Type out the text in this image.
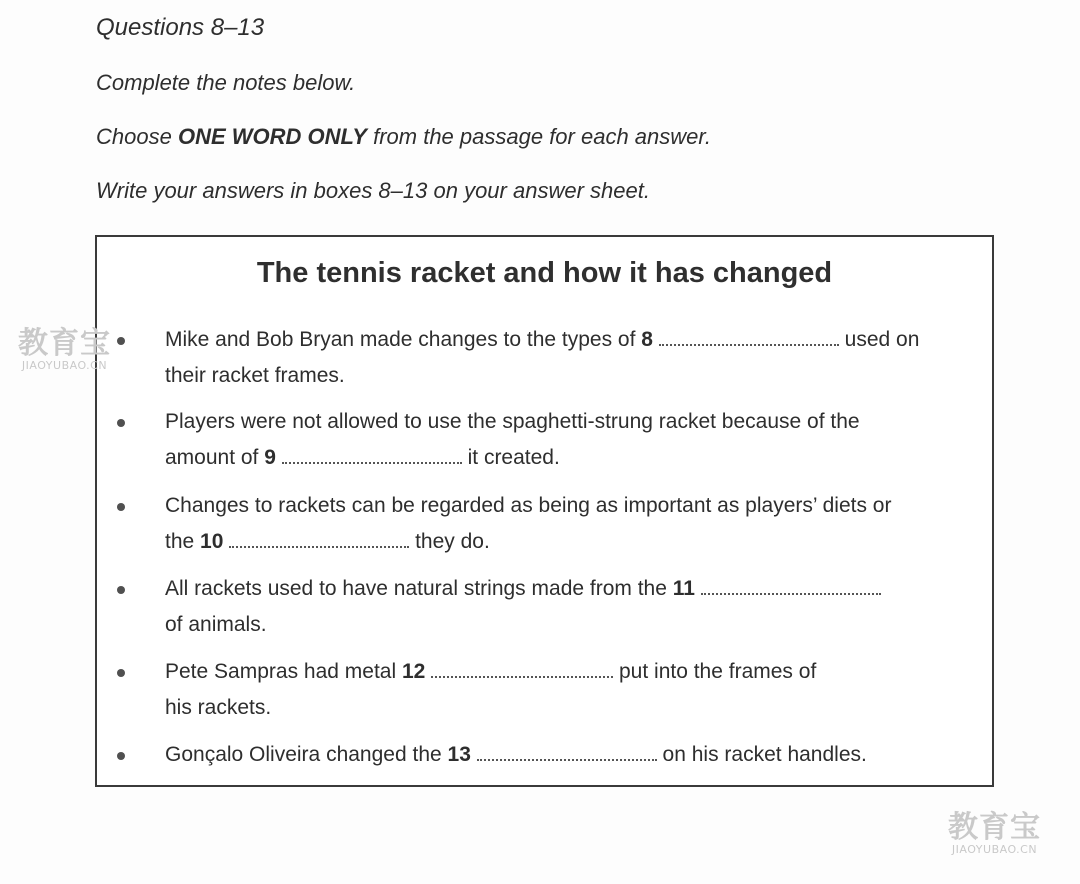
Questions 8–13
Complete the notes below.
Choose ONE WORD ONLY from the passage for each answer.
Write your answers in boxes 8–13 on your answer sheet.
The tennis racket and how it has changed
Mike and Bob Bryan made changes to the types of 8	used on
their racket frames.
Players were not allowed to use the spaghetti-strung racket because of the
amount of 9	it created.
Changes to rackets can be regarded as being as important as players’ diets or
the 10	they do.
All rackets used to have natural strings made from the 11
of animals.
Pete Sampras had metal 12	put into the frames of
his rackets.
Gonçalo Oliveira changed the 13	on his racket handles.
教育宝
JIAOYUBAO.CN
教育宝
JIAOYUBAO.CN
